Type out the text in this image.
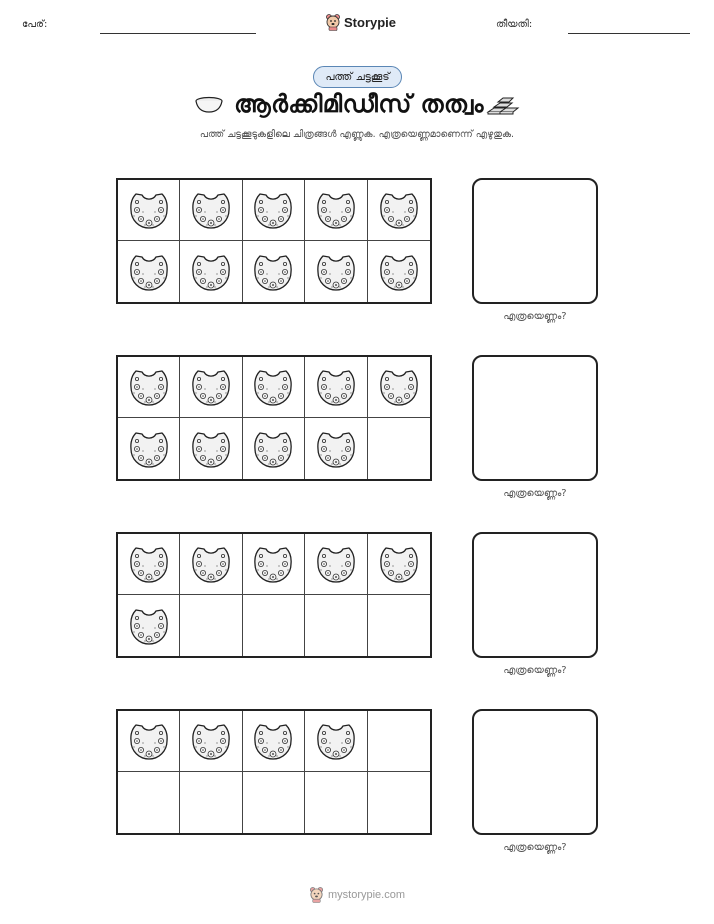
പേര്:	Storypie	തീയതി:
പത്ത് ചട്ടക്കൂട്
ആർക്കിമിഡീസ് തത്വം
പത്ത് ചട്ടക്കൂടുകളിലെ ചിത്രങ്ങൾ എണ്ണുക. എത്രയെണ്ണമാണെന്ന് എഴുതുക.
എത്രയെണ്ണം?
എത്രയെണ്ണം?
എത്രയെണ്ണം?
എത്രയെണ്ണം?
mystorypie.com
